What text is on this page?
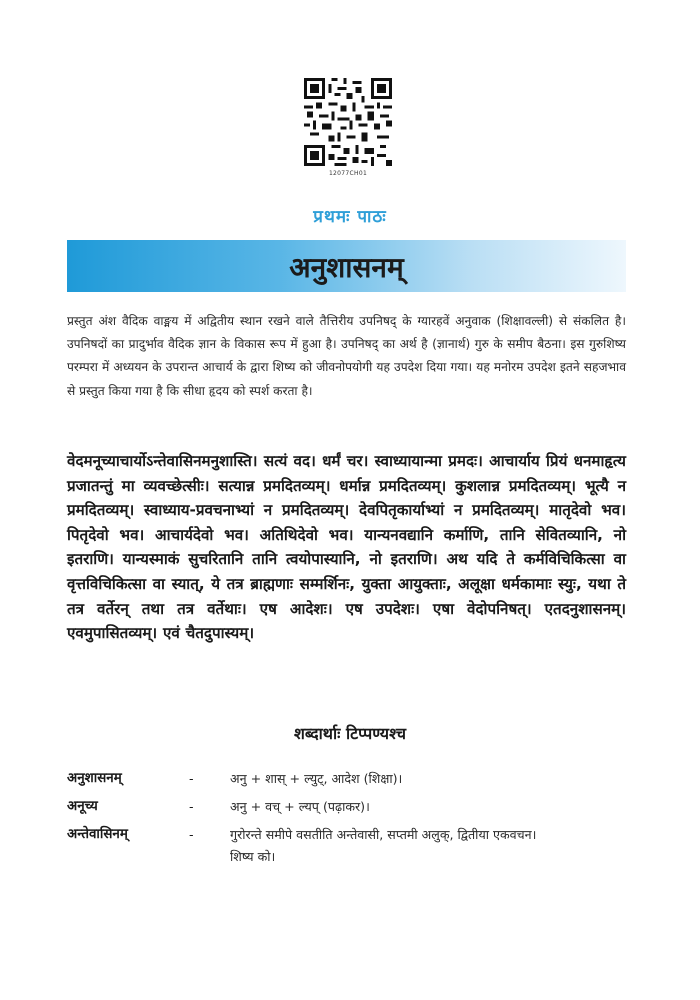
12077CH01
प्रथमः पाठः
अनुशासनम्
प्रस्तुत अंश वैदिक वाङ्मय में अद्वितीय स्थान रखने वाले तैत्तिरीय उपनिषद् के ग्यारहवें अनुवाक (शिक्षावल्ली) से संकलित है। उपनिषदों का प्रादुर्भाव वैदिक ज्ञान के विकास रूप में हुआ है। उपनिषद् का अर्थ है (ज्ञानार्थ) गुरु के समीप बैठना। इस गुरुशिष्य परम्परा में अध्ययन के उपरान्त आचार्य के द्वारा शिष्य को जीवनोपयोगी यह उपदेश दिया गया। यह मनोरम उपदेश इतने सहजभाव से प्रस्तुत किया गया है कि सीधा हृदय को स्पर्श करता है।
वेदमनूच्याचार्योऽन्तेवासिनमनुशास्ति। सत्यं वद। धर्मं चर। स्वाध्यायान्मा प्रमदः। आचार्याय प्रियं धनमाहृत्य प्रजातन्तुं मा व्यवच्छेत्सीः। सत्यान्न प्रमदितव्यम्। धर्मान्न प्रमदितव्यम्। कुशलान्न प्रमदितव्यम्। भूत्यै न प्रमदितव्यम्। स्वाध्याय-प्रवचनाभ्यां न प्रमदितव्यम्। देवपितृकार्याभ्यां न प्रमदितव्यम्। मातृदेवो भव। पितृदेवो भव। आचार्यदेवो भव। अतिथिदेवो भव। यान्यनवद्यानि कर्माणि, तानि सेवितव्यानि, नो इतराणि। यान्यस्माकं सुचरितानि तानि त्वयोपास्यानि, नो इतराणि। अथ यदि ते कर्मविचिकित्सा वा वृत्तविचिकित्सा वा स्यात्, ये तत्र ब्राह्मणाः सम्मर्शिनः, युक्ता आयुक्ताः, अलूक्षा धर्मकामाः स्युः, यथा ते तत्र वर्तेरन् तथा तत्र वर्तेथाः। एष आदेशः। एष उपदेशः। एषा वेदोपनिषत्। एतदनुशासनम्। एवमुपासितव्यम्। एवं चैतदुपास्यम्।
शब्दार्थाः टिप्पण्यश्च
अनुशासनम्	-	अनु + शास् + ल्युट्, आदेश (शिक्षा)।
अनूच्य	-	अनु + वच् + ल्यप् (पढ़ाकर)।
अन्तेवासिनम्	-	गुरोरन्ते समीपे वसतीति अन्तेवासी, सप्तमी अलुक्, द्वितीया एकवचन। शिष्य को।
